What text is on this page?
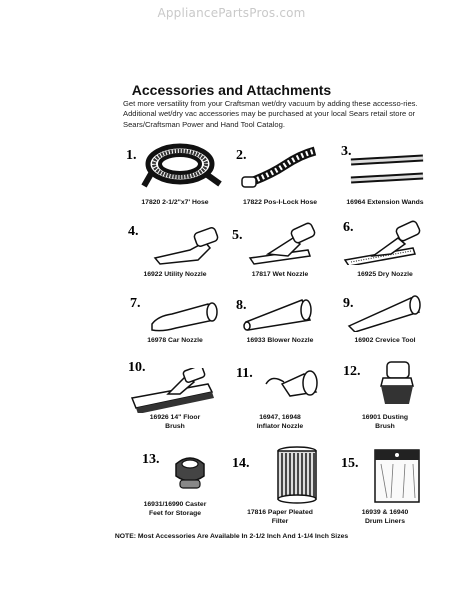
AppliancePartsPros.com
Accessories and Attachments

Get more versatility from your Craftsman wet/dry vacuum by adding these accesso-ries.

Additional wet/dry vac accessories may be purchased at your local Sears retail store or Sears/Craftsman Power and Hand Tool Catalog.

1.
17820 2-1/2"x7' Hose
2.
17822 Pos-I-Lock Hose
3.
16964 Extension Wands
4.
16922 Utility Nozzle
5.
17817 Wet Nozzle
6.
16925 Dry Nozzle
7.
16978 Car Nozzle
8.
16933 Blower Nozzle
9.
16902 Crevice Tool
10.
16926 14" Floor
Brush
11.
16947, 16948
Inflator Nozzle
12.
16901 Dusting
Brush
13.
16931/16990 Caster
Feet for Storage
14.
17816 Paper Pleated
Filter
15.
16939 & 16940
Drum Liners
NOTE: Most Accessories Are Available In 2-1/2 Inch And 1-1/4 Inch Sizes
